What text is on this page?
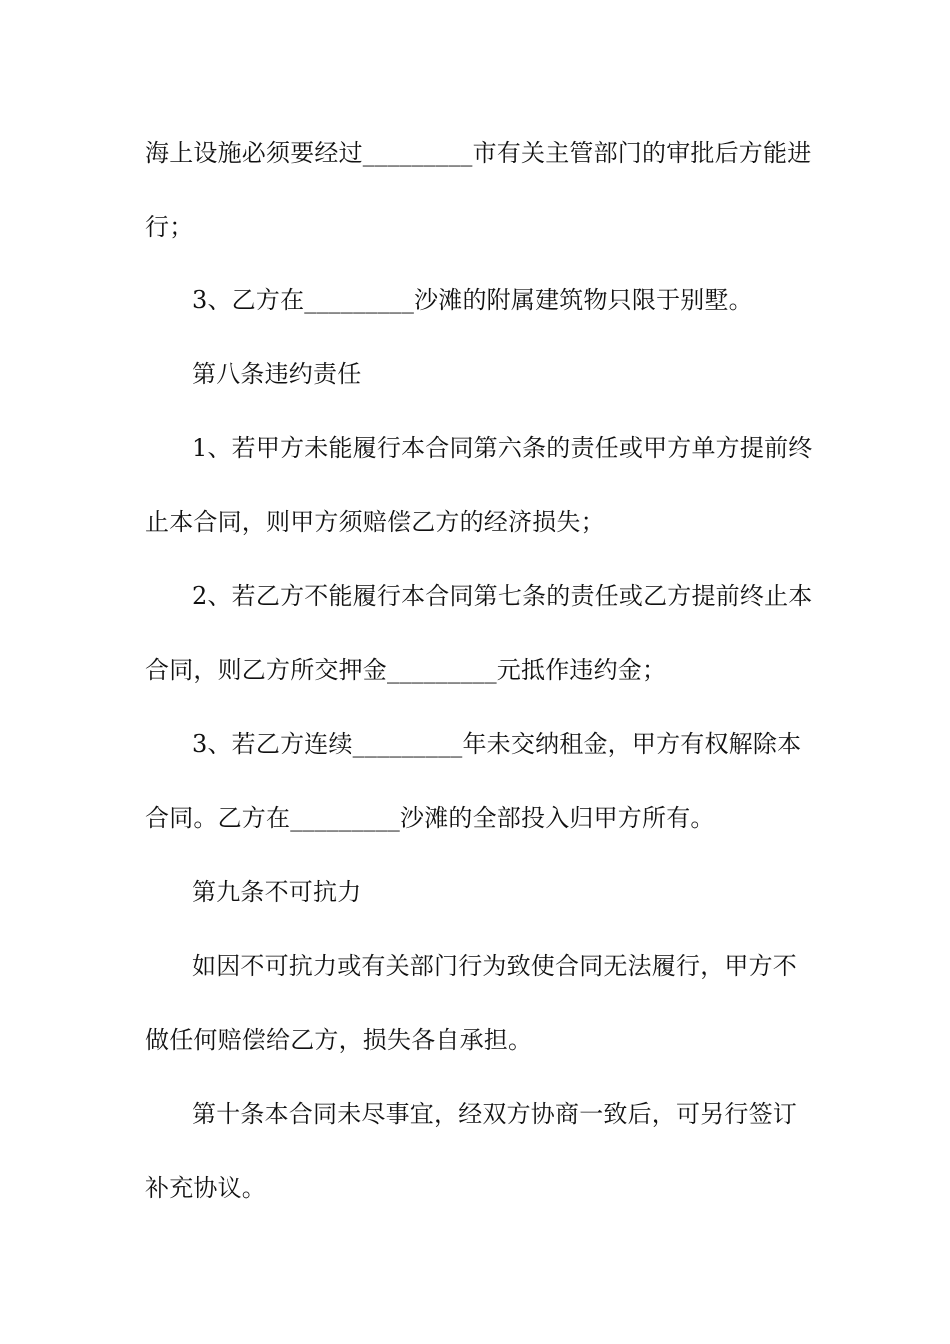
海上设施必须要经过_________市有关主管部门的审批后方能进
行；
3、乙方在_________沙滩的附属建筑物只限于别墅。
第八条违约责任
1、若甲方未能履行本合同第六条的责任或甲方单方提前终
止本合同，则甲方须赔偿乙方的经济损失；
2、若乙方不能履行本合同第七条的责任或乙方提前终止本
合同，则乙方所交押金_________元抵作违约金；
3、若乙方连续_________年未交纳租金，甲方有权解除本
合同。乙方在_________沙滩的全部投入归甲方所有。
第九条不可抗力
如因不可抗力或有关部门行为致使合同无法履行，甲方不
做任何赔偿给乙方，损失各自承担。
第十条本合同未尽事宜，经双方协商一致后，可另行签订
补充协议。
